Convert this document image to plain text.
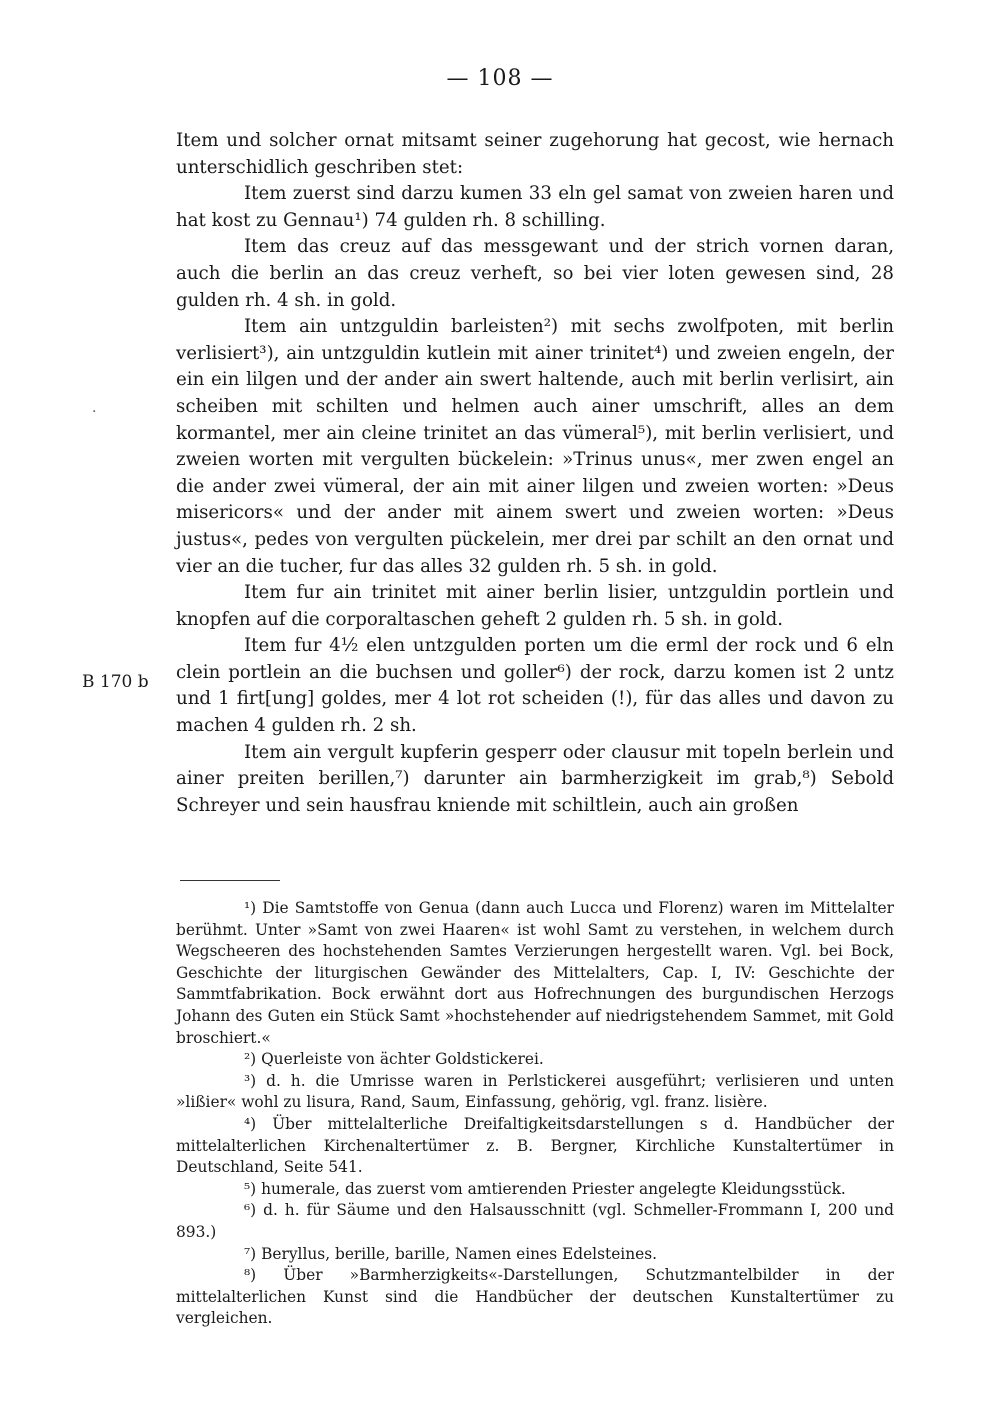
— 108 —
·
B 170 b

Item und solcher ornat mitsamt seiner zugehorung hat gecost, wie hernach unterschidlich geschriben stet:

Item zuerst sind darzu kumen 33 eln gel samat von zweien haren und hat kost zu Gennau¹) 74 gulden rh. 8 schilling.

Item das creuz auf das messgewant und der strich vornen daran, auch die berlin an das creuz verheft, so bei vier loten gewesen sind, 28 gulden rh. 4 sh. in gold.

Item ain untzguldin barleisten²) mit sechs zwolfpoten, mit berlin verlisiert³), ain untzguldin kutlein mit ainer trinitet⁴) und zweien engeln, der ein ein lilgen und der ander ain swert haltende, auch mit berlin verlisirt, ain scheiben mit schilten und helmen auch ainer umschrift, alles an dem kormantel, mer ain cleine trinitet an das vümeral⁵), mit berlin verlisiert, und zweien worten mit vergulten bückelein: »Trinus unus«, mer zwen engel an die ander zwei vümeral, der ain mit ainer lilgen und zweien worten: »Deus misericors« und der ander mit ainem swert und zweien worten: »Deus justus«, pedes von vergulten pückelein, mer drei par schilt an den ornat und vier an die tucher, fur das alles 32 gulden rh. 5 sh. in gold.

Item fur ain trinitet mit ainer berlin lisier, untzguldin portlein und knopfen auf die corporaltaschen geheft 2 gulden rh. 5 sh. in gold.

Item fur 4½ elen untzgulden porten um die erml der rock und 6 eln clein portlein an die buchsen und goller⁶) der rock, darzu komen ist 2 untz und 1 firt[ung] goldes, mer 4 lot rot scheiden (!), für das alles und davon zu machen 4 gulden rh. 2 sh.

Item ain vergult kupferin gesperr oder clausur mit topeln berlein und ainer preiten berillen,⁷) darunter ain barmherzigkeit im grab,⁸) Sebold Schreyer und sein hausfrau kniende mit schiltlein, auch ain großen

¹) Die Samtstoffe von Genua (dann auch Lucca und Florenz) waren im Mittelalter berühmt. Unter »Samt von zwei Haaren« ist wohl Samt zu verstehen, in welchem durch Wegscheeren des hochstehenden Samtes Verzierungen hergestellt waren. Vgl. bei Bock, Geschichte der liturgischen Gewänder des Mittelalters, Cap. I, IV: Geschichte der Sammtfabrikation. Bock erwähnt dort aus Hofrechnungen des burgundischen Herzogs Johann des Guten ein Stück Samt »hochstehender auf niedrigstehendem Sammet, mit Gold broschiert.«

²) Querleiste von ächter Goldstickerei.

³) d. h. die Umrisse waren in Perlstickerei ausgeführt; verlisieren und unten »lißier« wohl zu lisura, Rand, Saum, Einfassung, gehörig, vgl. franz. lisière.

⁴) Über mittelalterliche Dreifaltigkeitsdarstellungen s d. Handbücher der mittelalterlichen Kirchenaltertümer z. B. Bergner, Kirchliche Kunstaltertümer in Deutschland, Seite 541.

⁵) humerale, das zuerst vom amtierenden Priester angelegte Kleidungsstück.

⁶) d. h. für Säume und den Halsausschnitt (vgl. Schmeller-Frommann I, 200 und 893.)

⁷) Beryllus, berille, barille, Namen eines Edelsteines.

⁸) Über »Barmherzigkeits«-Darstellungen, Schutzmantelbilder in der mittelalterlichen Kunst sind die Handbücher der deutschen Kunstaltertümer zu vergleichen.
